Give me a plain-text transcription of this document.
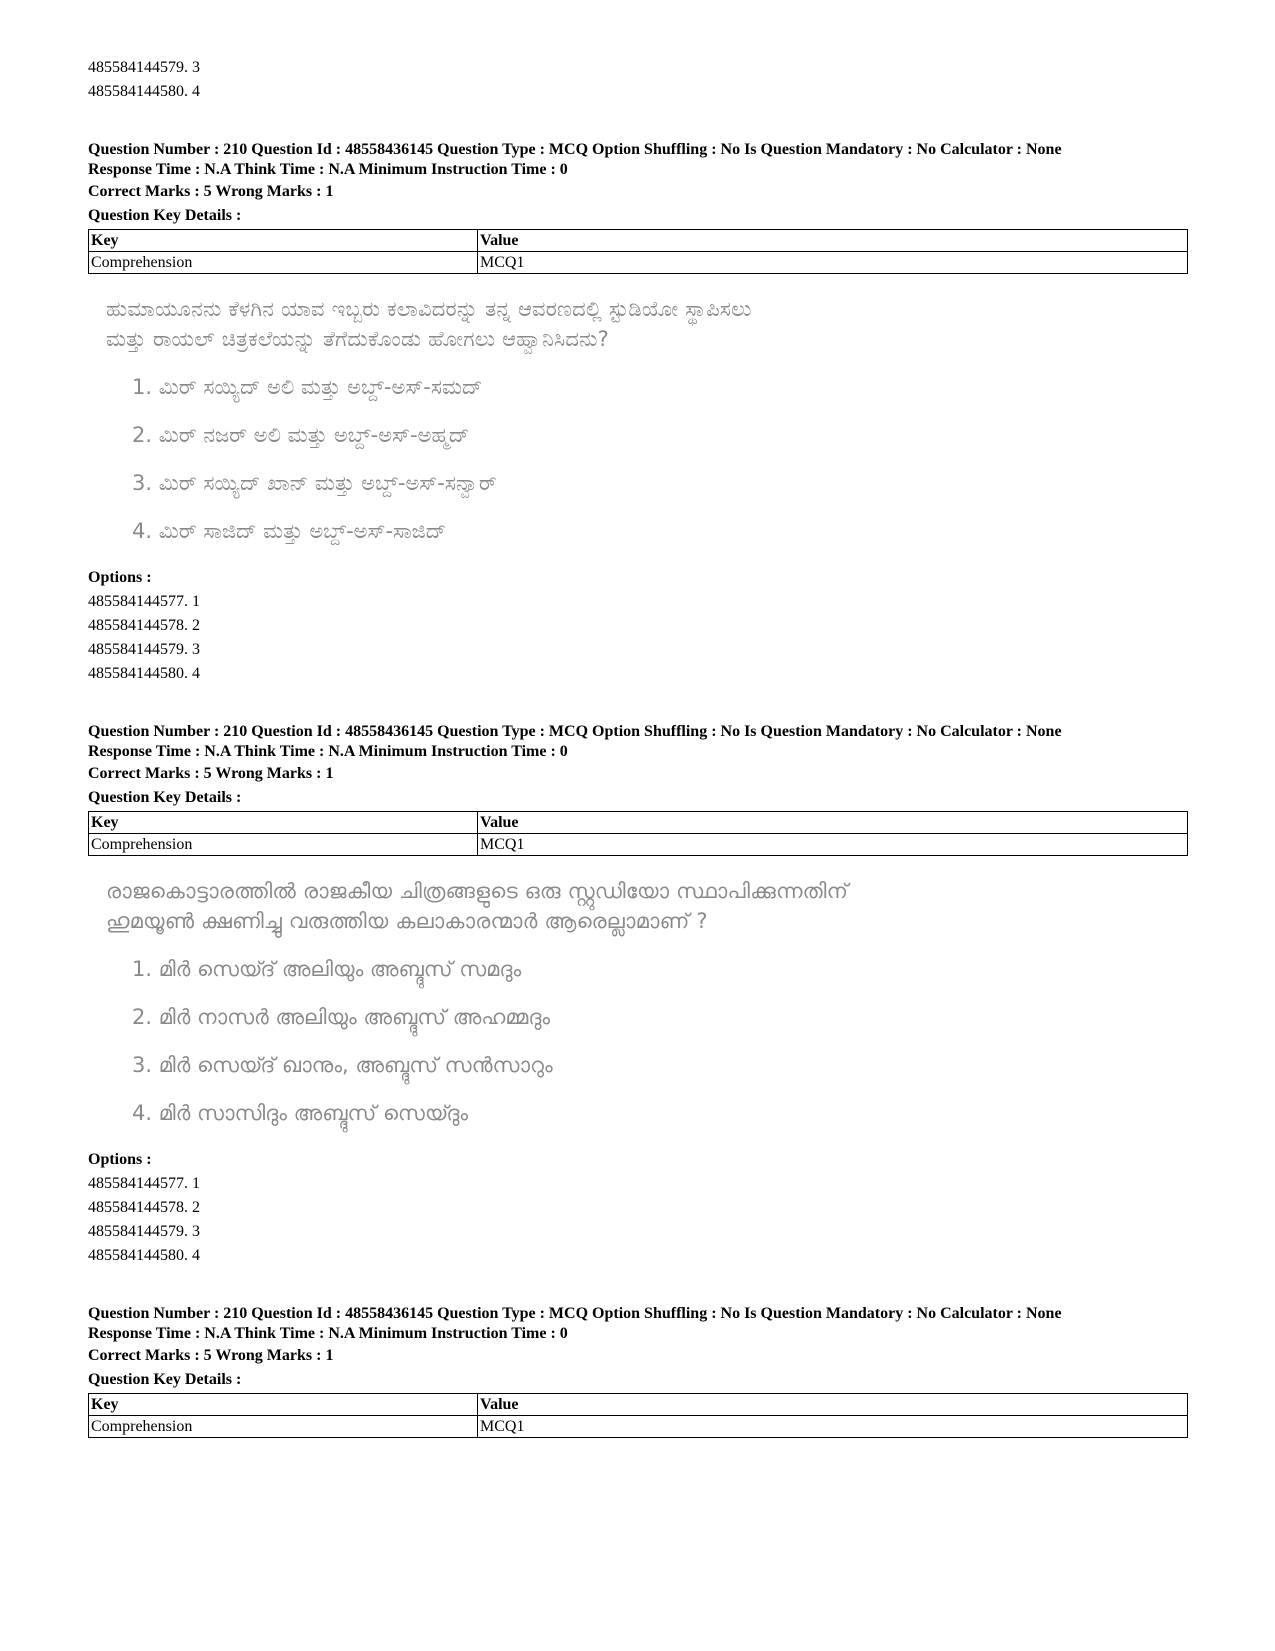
485584144579. 3
485584144580. 4
Question Number : 210 Question Id : 48558436145 Question Type : MCQ Option Shuffling : No Is Question Mandatory : No Calculator : None
Response Time : N.A Think Time : N.A Minimum Instruction Time : 0
Correct Marks : 5 Wrong Marks : 1
Question Key Details :
Key	Value
Comprehension	MCQ1
ಹುಮಾಯೂನನು ಕೆಳಗಿನ ಯಾವ ಇಬ್ಬರು ಕಲಾವಿದರನ್ನು ತನ್ನ ಆವರಣದಲ್ಲಿ ಸ್ಟುಡಿಯೋ ಸ್ಥಾಪಿಸಲು
ಮತ್ತು ರಾಯಲ್ ಚಿತ್ರಕಲೆಯನ್ನು ತೆಗೆದುಕೊಂಡು ಹೋಗಲು ಆಹ್ವಾನಿಸಿದನು?
1. ಮಿರ್ ಸಯ್ಯಿದ್ ಅಲಿ ಮತ್ತು ಅಬ್ದ್-ಅಸ್-ಸಮದ್
2. ಮಿರ್ ನಜರ್ ಅಲಿ ಮತ್ತು ಅಬ್ದ್-ಅಸ್-ಅಹ್ಮದ್
3. ಮಿರ್ ಸಯ್ಯಿದ್ ಖಾನ್ ಮತ್ತು ಅಬ್ದ್-ಅಸ್-ಸನ್ವಾರ್
4. ಮಿರ್ ಸಾಜಿದ್ ಮತ್ತು ಅಬ್ದ್-ಅಸ್-ಸಾಜಿದ್
Options :
485584144577. 1
485584144578. 2
485584144579. 3
485584144580. 4
Question Number : 210 Question Id : 48558436145 Question Type : MCQ Option Shuffling : No Is Question Mandatory : No Calculator : None
Response Time : N.A Think Time : N.A Minimum Instruction Time : 0
Correct Marks : 5 Wrong Marks : 1
Question Key Details :
Key	Value
Comprehension	MCQ1
രാജകൊട്ടാരത്തിൽ രാജകീയ ചിത്രങ്ങളുടെ ഒരു സ്റ്റുഡിയോ സ്ഥാപിക്കുന്നതിന്
ഹുമയൂൺ ക്ഷണിച്ചു വരുത്തിയ കലാകാരന്മാർ ആരെല്ലാമാണ് ?
1. മിർ സെയ്ദ് അലിയും അബ്ദുസ് സമദും
2. മിർ നാസർ അലിയും അബ്ദുസ് അഹമ്മദും
3. മിർ സെയ്ദ് ഖാനും, അബ്ദുസ് സൻസാറും
4. മിർ സാസിദും അബ്ദുസ് സെയ്ദും
Options :
485584144577. 1
485584144578. 2
485584144579. 3
485584144580. 4
Question Number : 210 Question Id : 48558436145 Question Type : MCQ Option Shuffling : No Is Question Mandatory : No Calculator : None
Response Time : N.A Think Time : N.A Minimum Instruction Time : 0
Correct Marks : 5 Wrong Marks : 1
Question Key Details :
Key	Value
Comprehension	MCQ1
